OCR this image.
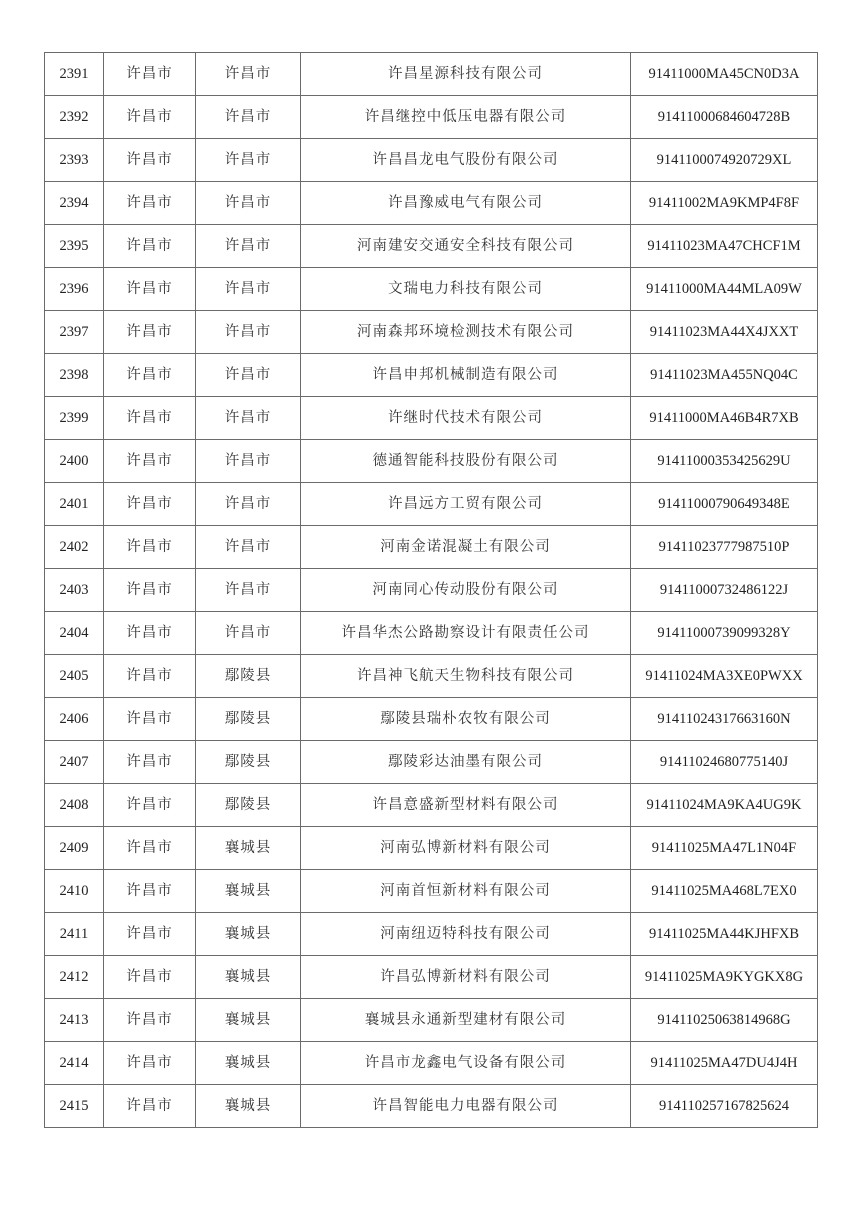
2391	许昌市	许昌市	许昌星源科技有限公司	91411000MA45CN0D3A
2392	许昌市	许昌市	许昌继控中低压电器有限公司	91411000684604728B
2393	许昌市	许昌市	许昌昌龙电气股份有限公司	9141100074920729XL
2394	许昌市	许昌市	许昌豫威电气有限公司	91411002MA9KMP4F8F
2395	许昌市	许昌市	河南建安交通安全科技有限公司	91411023MA47CHCF1M
2396	许昌市	许昌市	文瑞电力科技有限公司	91411000MA44MLA09W
2397	许昌市	许昌市	河南森邦环境检测技术有限公司	91411023MA44X4JXXT
2398	许昌市	许昌市	许昌申邦机械制造有限公司	91411023MA455NQ04C
2399	许昌市	许昌市	许继时代技术有限公司	91411000MA46B4R7XB
2400	许昌市	许昌市	德通智能科技股份有限公司	91411000353425629U
2401	许昌市	许昌市	许昌远方工贸有限公司	91411000790649348E
2402	许昌市	许昌市	河南金诺混凝土有限公司	91411023777987510P
2403	许昌市	许昌市	河南同心传动股份有限公司	91411000732486122J
2404	许昌市	许昌市	许昌华杰公路勘察设计有限责任公司	91411000739099328Y
2405	许昌市	鄢陵县	许昌神飞航天生物科技有限公司	91411024MA3XE0PWXX
2406	许昌市	鄢陵县	鄢陵县瑞朴农牧有限公司	91411024317663160N
2407	许昌市	鄢陵县	鄢陵彩达油墨有限公司	91411024680775140J
2408	许昌市	鄢陵县	许昌意盛新型材料有限公司	91411024MA9KA4UG9K
2409	许昌市	襄城县	河南弘博新材料有限公司	91411025MA47L1N04F
2410	许昌市	襄城县	河南首恒新材料有限公司	91411025MA468L7EX0
2411	许昌市	襄城县	河南纽迈特科技有限公司	91411025MA44KJHFXB
2412	许昌市	襄城县	许昌弘博新材料有限公司	91411025MA9KYGKX8G
2413	许昌市	襄城县	襄城县永通新型建材有限公司	91411025063814968G
2414	许昌市	襄城县	许昌市龙鑫电气设备有限公司	91411025MA47DU4J4H
2415	许昌市	襄城县	许昌智能电力电器有限公司	914110257167825624
